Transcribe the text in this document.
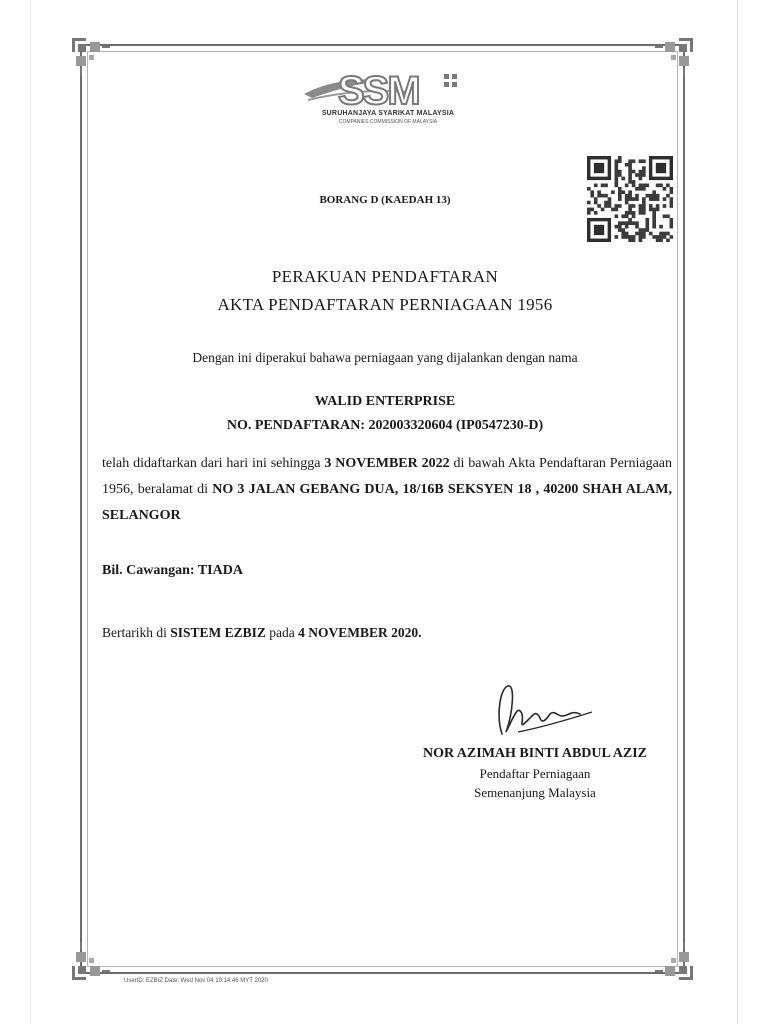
SSM
SURUHANJAYA SYARIKAT MALAYSIA
COMPANIES COMMISSION OF MALAYSIA
BORANG D (KAEDAH 13)
PERAKUAN PENDAFTARAN
AKTA PENDAFTARAN PERNIAGAAN 1956
Dengan ini diperakui bahawa perniagaan yang dijalankan dengan nama
WALID ENTERPRISE
NO. PENDAFTARAN: 202003320604 (IP0547230-D)
telah didaftarkan dari hari ini sehingga 3 NOVEMBER 2022 di bawah Akta Pendaftaran Perniagaan 1956, beralamat di NO 3 JALAN GEBANG DUA, 18/16B SEKSYEN 18 , 40200 SHAH ALAM, SELANGOR
Bil. Cawangan: TIADA
Bertarikh di SISTEM EZBIZ pada 4 NOVEMBER 2020.
NOR AZIMAH BINTI ABDUL AZIZ
Pendaftar Perniagaan
Semenanjung Malaysia
UserID: EZBIZ Date: Wed Nov 04 10:14:46 MYT 2020
